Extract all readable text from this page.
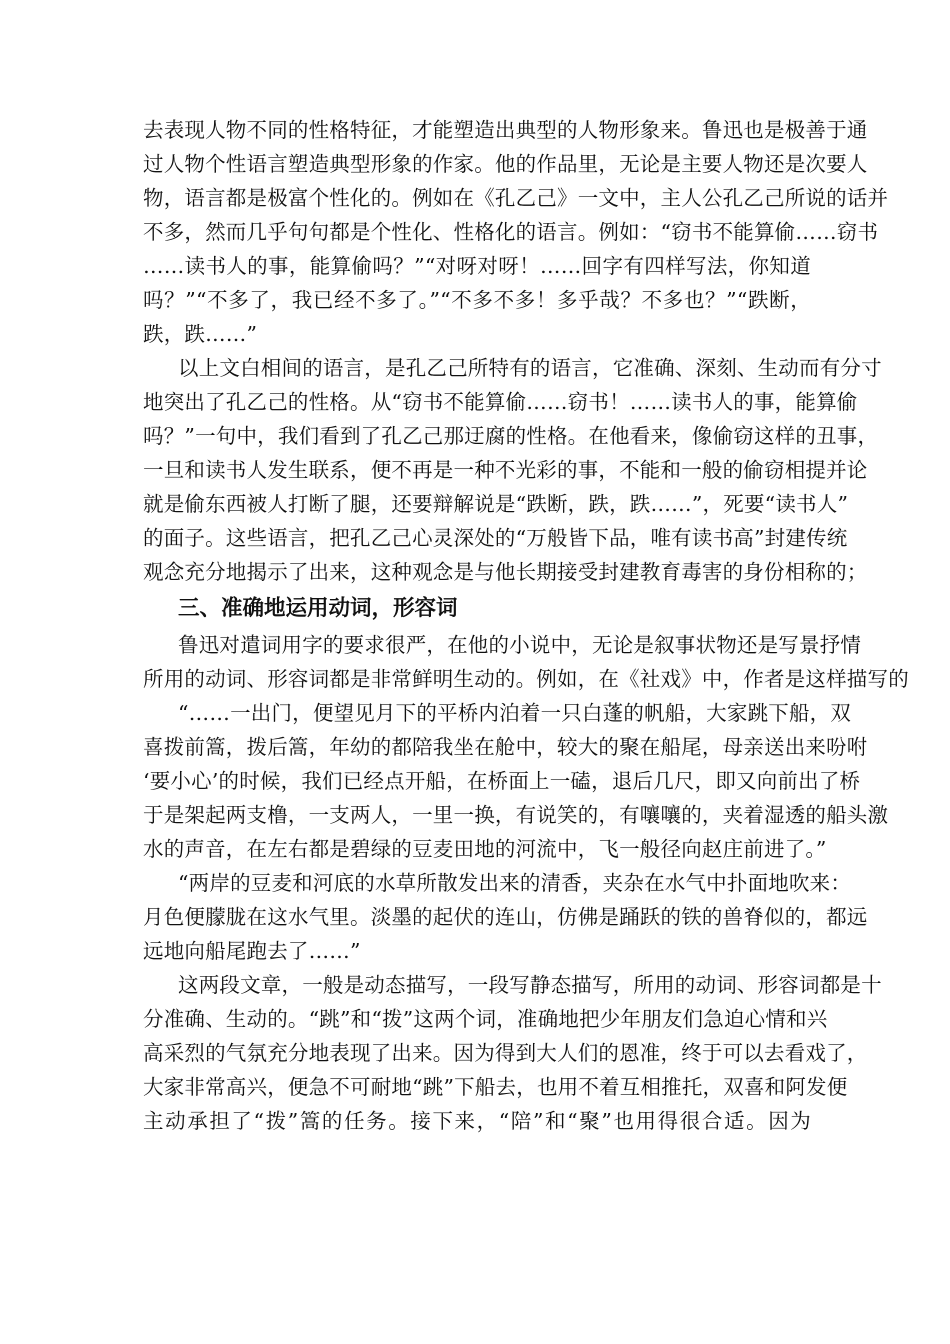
去表现人物不同的性格特征，才能塑造出典型的人物形象来。鲁迅也是极善于通
过人物个性语言塑造典型形象的作家。他的作品里，无论是主要人物还是次要人
物，语言都是极富个性化的。例如在《孔乙己》一文中，主人公孔乙己所说的话并
不多，然而几乎句句都是个性化、性格化的语言。例如：“窃书不能算偷……窃书
……读书人的事，能算偷吗？”“对呀对呀！……回字有四样写法，你知道
吗？”“不多了，我已经不多了。”“不多不多！多乎哉？不多也？”“跌断，
跌，跌……”
以上文白相间的语言，是孔乙己所特有的语言，它准确、深刻、生动而有分寸
地突出了孔乙己的性格。从“窃书不能算偷……窃书！……读书人的事，能算偷
吗？”一句中，我们看到了孔乙己那迂腐的性格。在他看来，像偷窃这样的丑事，
一旦和读书人发生联系，便不再是一种不光彩的事，不能和一般的偷窃相提并论
就是偷东西被人打断了腿，还要辩解说是“跌断，跌，跌……”，死要“读书人”
的面子。这些语言，把孔乙己心灵深处的“万般皆下品，唯有读书高”封建传统
观念充分地揭示了出来，这种观念是与他长期接受封建教育毒害的身份相称的；
三、准确地运用动词，形容词
鲁迅对遣词用字的要求很严，在他的小说中，无论是叙事状物还是写景抒情
所用的动词、形容词都是非常鲜明生动的。例如，在《社戏》中，作者是这样描写的
“……一出门，便望见月下的平桥内泊着一只白蓬的帆船，大家跳下船，双
喜拨前篙，拨后篙，年幼的都陪我坐在舱中，较大的聚在船尾，母亲送出来吩咐
‘要小心’的时候，我们已经点开船，在桥面上一磕，退后几尺，即又向前出了桥
于是架起两支橹，一支两人，一里一换，有说笑的，有嚷嚷的，夹着湿透的船头激
水的声音，在左右都是碧绿的豆麦田地的河流中，飞一般径向赵庄前进了。”
“两岸的豆麦和河底的水草所散发出来的清香，夹杂在水气中扑面地吹来：
月色便朦胧在这水气里。淡墨的起伏的连山，仿佛是踊跃的铁的兽脊似的，都远
远地向船尾跑去了……”
这两段文章，一般是动态描写，一段写静态描写，所用的动词、形容词都是十
分准确、生动的。“跳”和“拨”这两个词，准确地把少年朋友们急迫心情和兴
高采烈的气氛充分地表现了出来。因为得到大人们的恩准，终于可以去看戏了，
大家非常高兴，便急不可耐地“跳”下船去，也用不着互相推托，双喜和阿发便
主动承担了“拨”篙的任务。接下来，“陪”和“聚”也用得很合适。因为
